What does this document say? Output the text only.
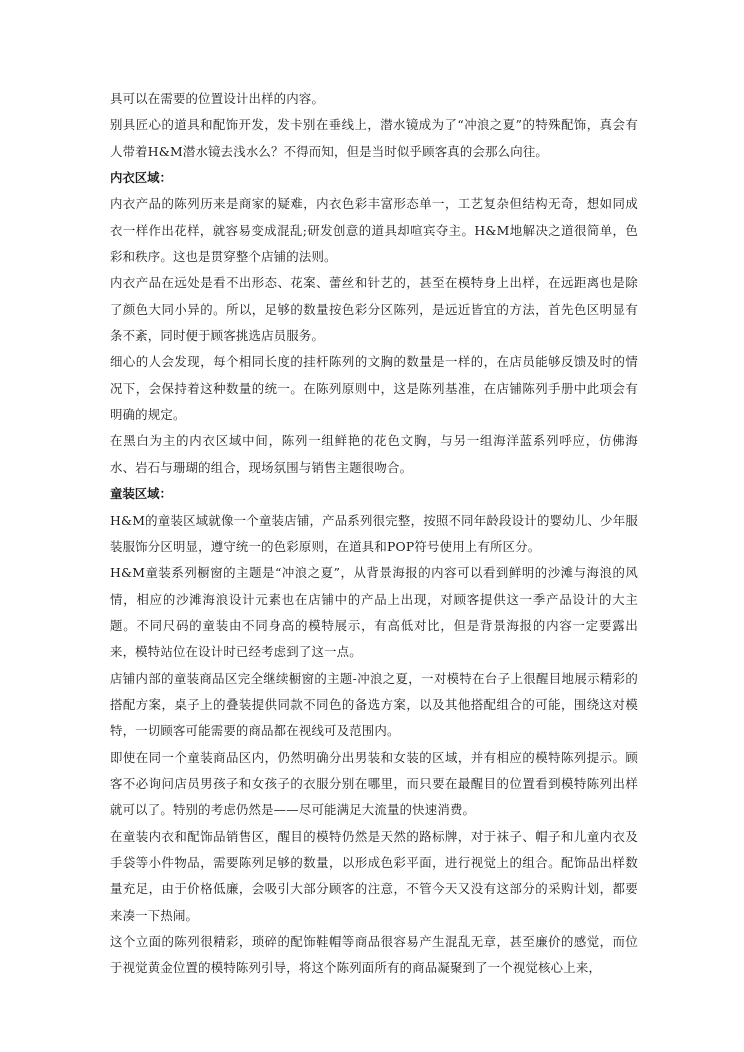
具可以在需要的位置设计出样的内容。

别具匠心的道具和配饰开发，发卡别在垂线上，潜水镜成为了“冲浪之夏”的特殊配饰，真会有人带着H&M潜水镜去浅水么？不得而知，但是当时似乎顾客真的会那么向往。

内衣区域：

内衣产品的陈列历来是商家的疑难，内衣色彩丰富形态单一，工艺复杂但结构无奇，想如同成衣一样作出花样，就容易变成混乱;研发创意的道具却喧宾夺主。H&M地解决之道很简单，色彩和秩序。这也是贯穿整个店铺的法则。

内衣产品在远处是看不出形态、花案、蕾丝和针艺的，甚至在模特身上出样，在远距离也是除了颜色大同小异的。所以，足够的数量按色彩分区陈列，是远近皆宜的方法，首先色区明显有条不紊，同时便于顾客挑选店员服务。

细心的人会发现，每个相同长度的挂杆陈列的文胸的数量是一样的，在店员能够反馈及时的情况下，会保持着这种数量的统一。在陈列原则中，这是陈列基准，在店铺陈列手册中此项会有明确的规定。

在黑白为主的内衣区域中间，陈列一组鲜艳的花色文胸，与另一组海洋蓝系列呼应，仿佛海水、岩石与珊瑚的组合，现场氛围与销售主题很吻合。

童装区域：

H&M的童装区域就像一个童装店铺，产品系列很完整，按照不同年龄段设计的婴幼儿、少年服装服饰分区明显，遵守统一的色彩原则，在道具和POP符号使用上有所区分。

H&M童装系列橱窗的主题是“冲浪之夏”，从背景海报的内容可以看到鲜明的沙滩与海浪的风情，相应的沙滩海浪设计元素也在店铺中的产品上出现，对顾客提供这一季产品设计的大主题。不同尺码的童装由不同身高的模特展示，有高低对比，但是背景海报的内容一定要露出来，模特站位在设计时已经考虑到了这一点。

店铺内部的童装商品区完全继续橱窗的主题-冲浪之夏，一对模特在台子上很醒目地展示精彩的搭配方案，桌子上的叠装提供同款不同色的备选方案，以及其他搭配组合的可能，围绕这对模特，一切顾客可能需要的商品都在视线可及范围内。

即使在同一个童装商品区内，仍然明确分出男装和女装的区域，并有相应的模特陈列提示。顾客不必询问店员男孩子和女孩子的衣服分别在哪里，而只要在最醒目的位置看到模特陈列出样就可以了。特别的考虑仍然是——尽可能满足大流量的快速消费。

在童装内衣和配饰品销售区，醒目的模特仍然是天然的路标牌，对于袜子、帽子和儿童内衣及手袋等小件物品，需要陈列足够的数量，以形成色彩平面，进行视觉上的组合。配饰品出样数量充足，由于价格低廉，会吸引大部分顾客的注意，不管今天又没有这部分的采购计划，都要来凑一下热闹。

这个立面的陈列很精彩，琐碎的配饰鞋帽等商品很容易产生混乱无章，甚至廉价的感觉，而位于视觉黄金位置的模特陈列引导，将这个陈列面所有的商品凝聚到了一个视觉核心上来，
